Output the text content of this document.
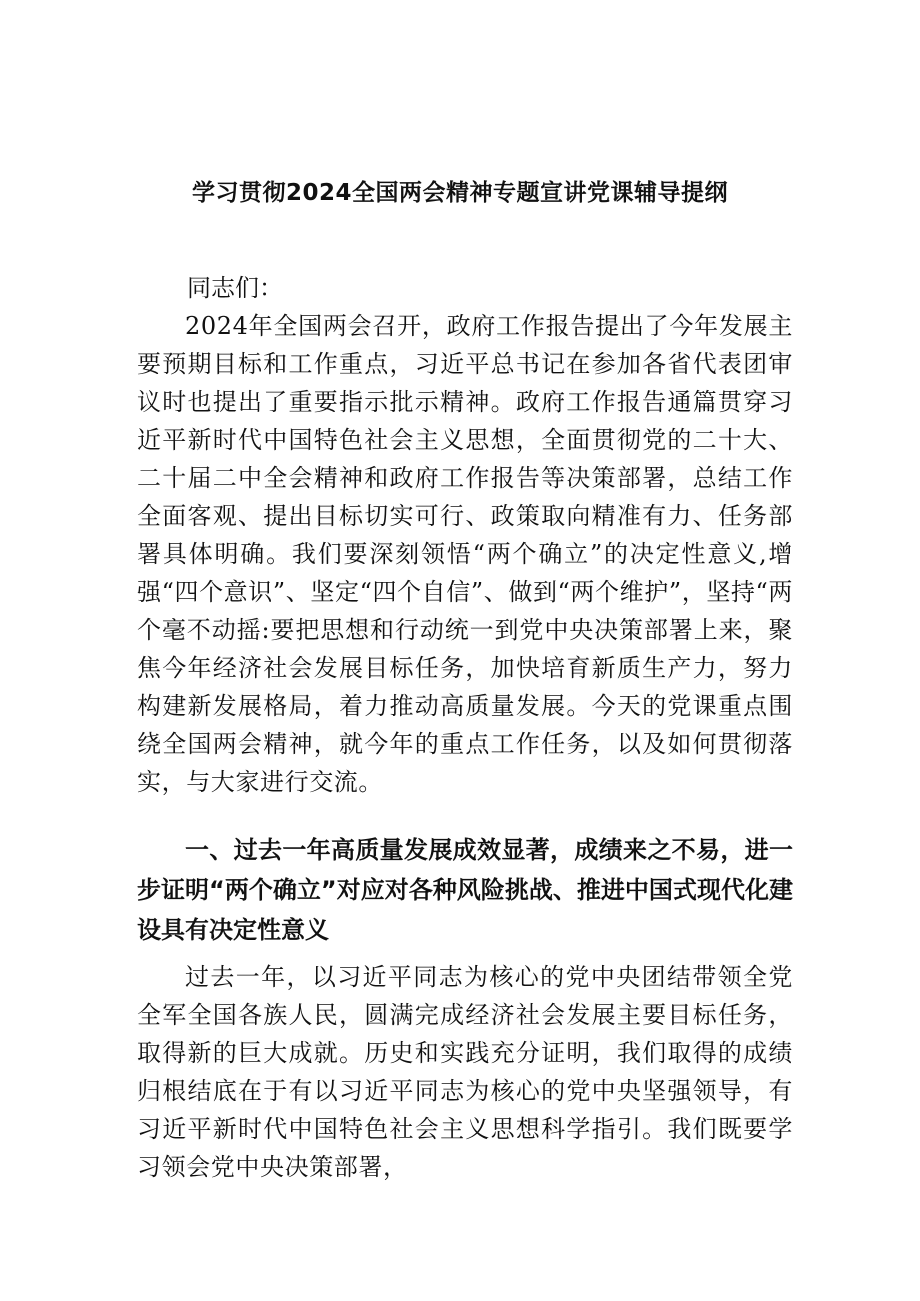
学习贯彻2024全国两会精神专题宣讲党课辅导提纲
同志们：

2024年全国两会召开，政府工作报告提出了今年发展主要预期目标和工作重点，习近平总书记在参加各省代表团审议时也提出了重要指示批示精神。政府工作报告通篇贯穿习近平新时代中国特色社会主义思想，全面贯彻党的二十大、二十届二中全会精神和政府工作报告等决策部署，总结工作全面客观、提出目标切实可行、政策取向精准有力、任务部署具体明确。我们要深刻领悟“两个确立”的决定性意义,增强“四个意识”、坚定“四个自信”、做到“两个维护”，坚持“两个毫不动摇:要把思想和行动统一到党中央决策部署上来，聚焦今年经济社会发展目标任务，加快培育新质生产力，努力构建新发展格局，着力推动高质量发展。今天的党课重点围绕全国两会精神，就今年的重点工作任务，以及如何贯彻落实，与大家进行交流。

一、过去一年高质量发展成效显著，成绩来之不易，进一步证明“两个确立”对应对各种风险挑战、推进中国式现代化建设具有决定性意义

过去一年，以习近平同志为核心的党中央团结带领全党全军全国各族人民，圆满完成经济社会发展主要目标任务，取得新的巨大成就。历史和实践充分证明，我们取得的成绩归根结底在于有以习近平同志为核心的党中央坚强领导，有习近平新时代中国特色社会主义思想科学指引。我们既要学习领会党中央决策部署，
